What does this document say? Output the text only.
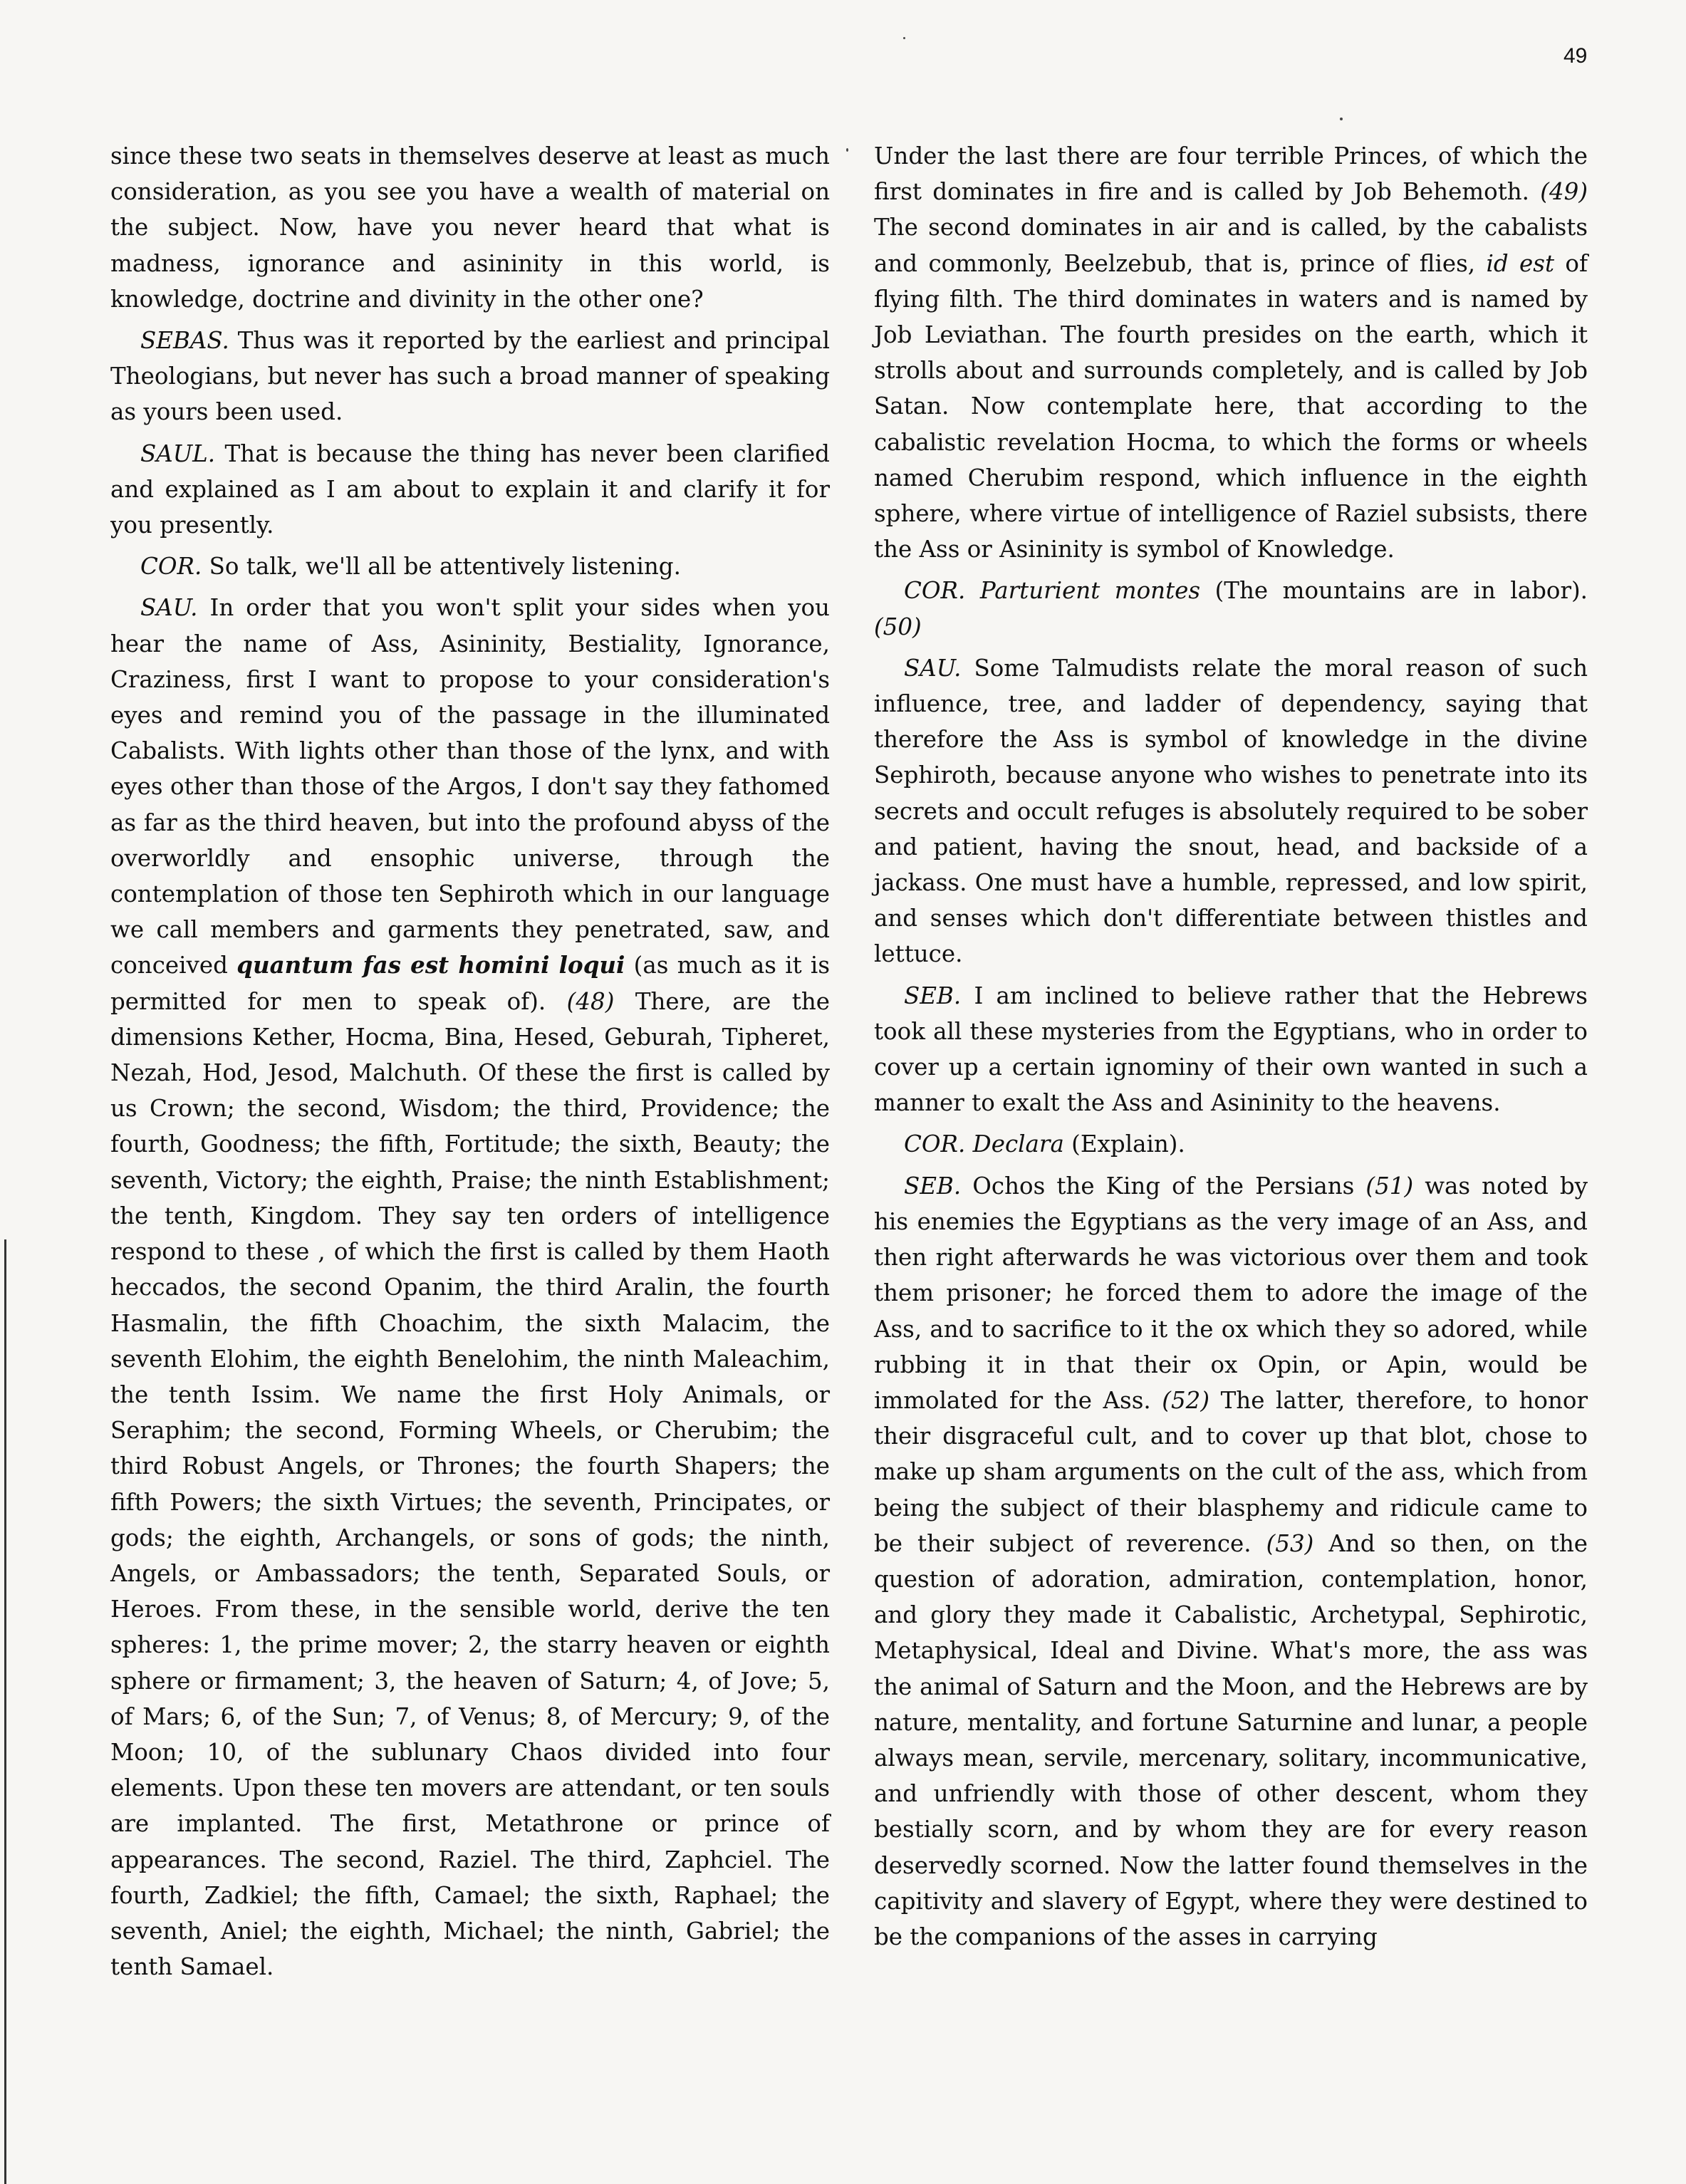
49

since these two seats in themselves deserve at least as much consideration, as you see you have a wealth of material on the subject. Now, have you never heard that what is madness, ignorance and asininity in this world, is knowledge, doctrine and divinity in the other one?

SEBAS. Thus was it reported by the earliest and principal Theologians, but never has such a broad manner of speaking as yours been used.

SAUL. That is because the thing has never been clarified and explained as I am about to explain it and clarify it for you presently.

COR. So talk, we'll all be attentively listening.

SAU. In order that you won't split your sides when you hear the name of Ass, Asininity, Bestiality, Ignorance, Craziness, first I want to propose to your consideration's eyes and remind you of the passage in the illuminated Cabalists. With lights other than those of the lynx, and with eyes other than those of the Argos, I don't say they fathomed as far as the third heaven, but into the profound abyss of the overworldly and ensophic universe, through the contemplation of those ten Sephiroth which in our language we call members and garments they penetrated, saw, and conceived quantum fas est homini loqui (as much as it is permitted for men to speak of). (48) There, are the dimensions Kether, Hocma, Bina, Hesed, Geburah, Tipheret, Nezah, Hod, Jesod, Malchuth. Of these the first is called by us Crown; the second, Wisdom; the third, Providence; the fourth, Goodness; the fifth, Fortitude; the sixth, Beauty; the seventh, Victory; the eighth, Praise; the ninth Establishment; the tenth, Kingdom. They say ten orders of intelligence respond to these , of which the first is called by them Haoth heccados, the second Opanim, the third Aralin, the fourth Hasmalin, the fifth Choachim, the sixth Malacim, the seventh Elohim, the eighth Benelohim, the ninth Maleachim, the tenth Issim. We name the first Holy Animals, or Seraphim; the second, Forming Wheels, or Cherubim; the third Robust Angels, or Thrones; the fourth Shapers; the fifth Powers; the sixth Virtues; the seventh, Principates, or gods; the eighth, Archangels, or sons of gods; the ninth, Angels, or Ambassadors; the tenth, Separated Souls, or Heroes. From these, in the sensible world, derive the ten spheres: 1, the prime mover; 2, the starry heaven or eighth sphere or firmament; 3, the heaven of Saturn; 4, of Jove; 5, of Mars; 6, of the Sun; 7, of Venus; 8, of Mercury; 9, of the Moon; 10, of the sublunary Chaos divided into four elements. Upon these ten movers are attendant, or ten souls are implanted. The first, Metathrone or prince of appearances. The second, Raziel. The third, Zaphciel. The fourth, Zadkiel; the fifth, Camael; the sixth, Raphael; the seventh, Aniel; the eighth, Michael; the ninth, Gabriel; the tenth Samael.

Under the last there are four terrible Princes, of which the first dominates in fire and is called by Job Behemoth. (49) The second dominates in air and is called, by the cabalists and commonly, Beelzebub, that is, prince of flies, id est of flying filth. The third dominates in waters and is named by Job Leviathan. The fourth presides on the earth, which it strolls about and surrounds completely, and is called by Job Satan. Now contemplate here, that according to the cabalistic revelation Hocma, to which the forms or wheels named Cherubim respond, which influence in the eighth sphere, where virtue of intelligence of Raziel subsists, there the Ass or Asininity is symbol of Knowledge.

COR. Parturient montes (The mountains are in labor). (50)

SAU. Some Talmudists relate the moral reason of such influence, tree, and ladder of dependency, saying that therefore the Ass is symbol of knowledge in the divine Sephiroth, because anyone who wishes to penetrate into its secrets and occult refuges is absolutely required to be sober and patient, having the snout, head, and backside of a jackass. One must have a humble, repressed, and low spirit, and senses which don't differentiate between thistles and lettuce.

SEB. I am inclined to believe rather that the Hebrews took all these mysteries from the Egyptians, who in order to cover up a certain ignominy of their own wanted in such a manner to exalt the Ass and Asininity to the heavens.

COR. Declara (Explain).

SEB. Ochos the King of the Persians (51) was noted by his enemies the Egyptians as the very image of an Ass, and then right afterwards he was victorious over them and took them prisoner; he forced them to adore the image of the Ass, and to sacrifice to it the ox which they so adored, while rubbing it in that their ox Opin, or Apin, would be immolated for the Ass. (52) The latter, therefore, to honor their disgraceful cult, and to cover up that blot, chose to make up sham arguments on the cult of the ass, which from being the subject of their blasphemy and ridicule came to be their subject of reverence. (53) And so then, on the question of adoration, admiration, contemplation, honor, and glory they made it Cabalistic, Archetypal, Sephirotic, Metaphysical, Ideal and Divine. What's more, the ass was the animal of Saturn and the Moon, and the Hebrews are by nature, mentality, and fortune Saturnine and lunar, a people always mean, servile, mercenary, solitary, incommunicative, and unfriendly with those of other descent, whom they bestially scorn, and by whom they are for every reason deservedly scorned. Now the latter found themselves in the capitivity and slavery of Egypt, where they were destined to be the companions of the asses in carrying
